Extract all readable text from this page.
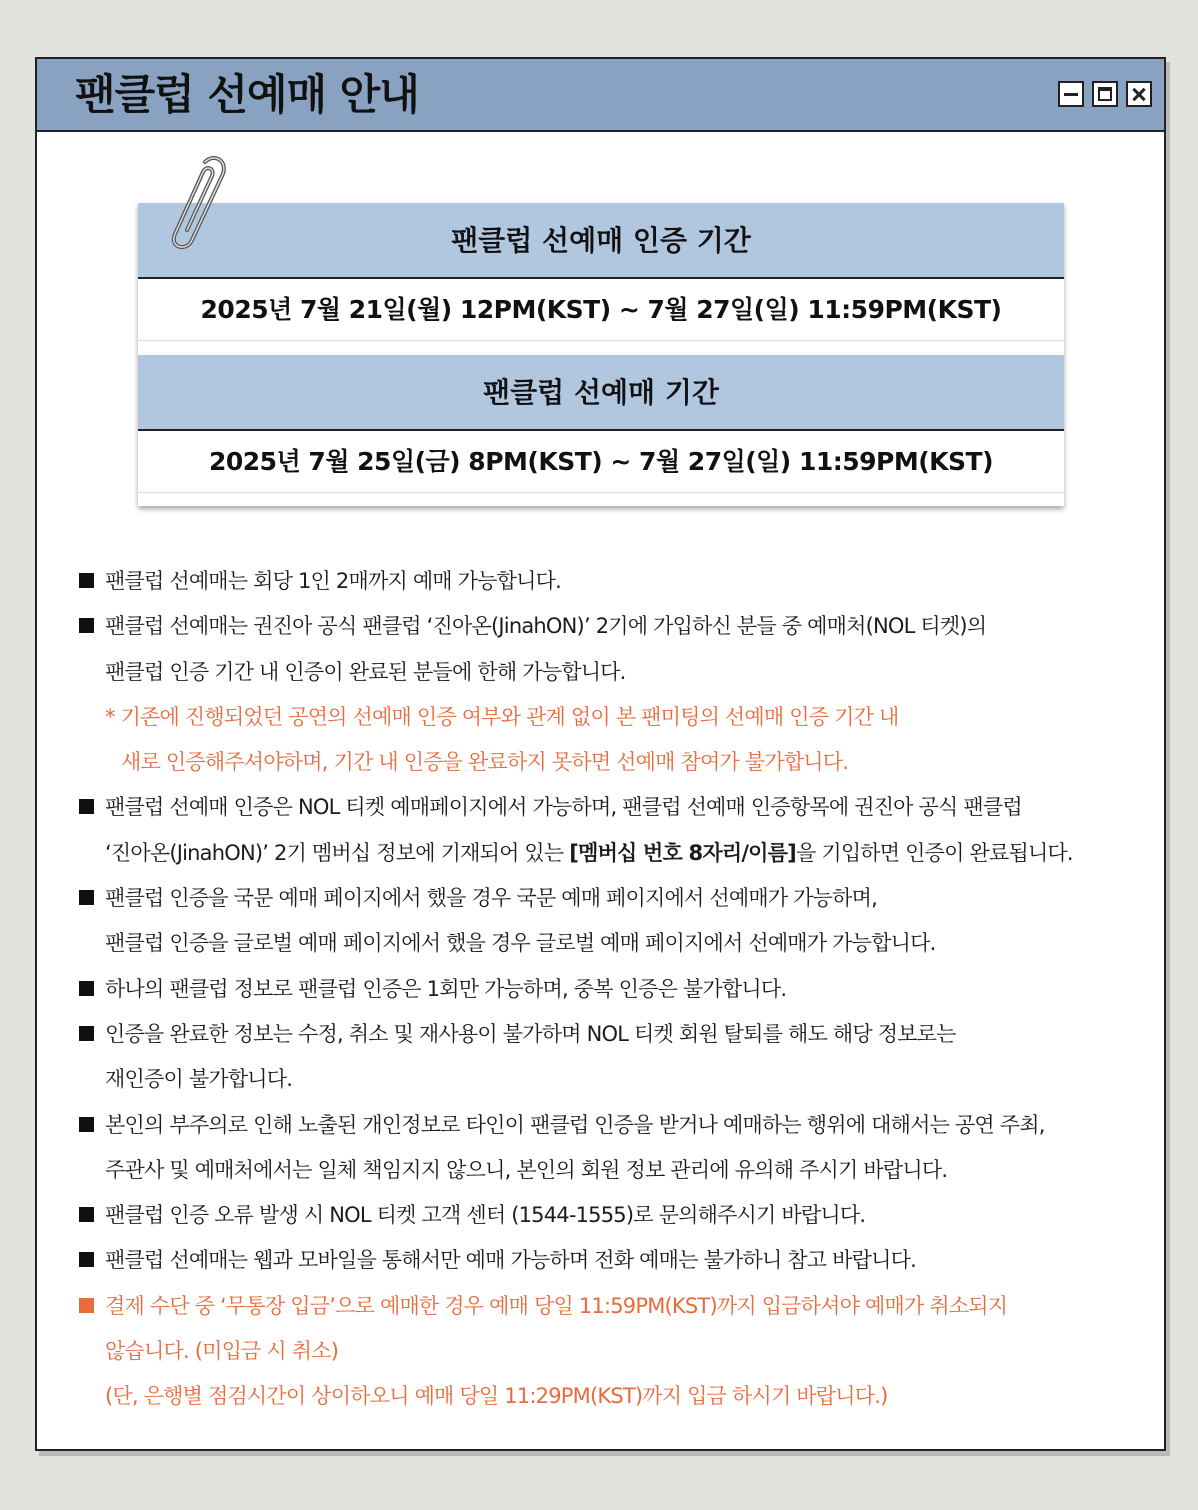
팬클럽 선예매 안내
팬클럽 선예매 인증 기간
2025년 7월 21일(월) 12PM(KST) ~ 7월 27일(일) 11:59PM(KST)
팬클럽 선예매 기간
2025년 7월 25일(금) 8PM(KST) ~ 7월 27일(일) 11:59PM(KST)
팬클럽 선예매는 회당 1인 2매까지 예매 가능합니다.
팬클럽 선예매는 권진아 공식 팬클럽 ‘진아온(JinahON)’ 2기에 가입하신 분들 중 예매처(NOL 티켓)의
팬클럽 인증 기간 내 인증이 완료된 분들에 한해 가능합니다.
* 기존에 진행되었던 공연의 선예매 인증 여부와 관계 없이 본 팬미팅의 선예매 인증 기간 내
새로 인증해주셔야하며, 기간 내 인증을 완료하지 못하면 선예매 참여가 불가합니다.
팬클럽 선예매 인증은 NOL 티켓 예매페이지에서 가능하며, 팬클럽 선예매 인증항목에 권진아 공식 팬클럽
‘진아온(JinahON)’ 2기 멤버십 정보에 기재되어 있는 [멤버십 번호 8자리/이름]을 기입하면 인증이 완료됩니다.
팬클럽 인증을 국문 예매 페이지에서 했을 경우 국문 예매 페이지에서 선예매가 가능하며,
팬클럽 인증을 글로벌 예매 페이지에서 했을 경우 글로벌 예매 페이지에서 선예매가 가능합니다.
하나의 팬클럽 정보로 팬클럽 인증은 1회만 가능하며, 중복 인증은 불가합니다.
인증을 완료한 정보는 수정, 취소 및 재사용이 불가하며 NOL 티켓 회원 탈퇴를 해도 해당 정보로는
재인증이 불가합니다.
본인의 부주의로 인해 노출된 개인정보로 타인이 팬클럽 인증을 받거나 예매하는 행위에 대해서는 공연 주최,
주관사 및 예매처에서는 일체 책임지지 않으니, 본인의 회원 정보 관리에 유의해 주시기 바랍니다.
팬클럽 인증 오류 발생 시 NOL 티켓 고객 센터 (1544-1555)로 문의해주시기 바랍니다.
팬클럽 선예매는 웹과 모바일을 통해서만 예매 가능하며 전화 예매는 불가하니 참고 바랍니다.
결제 수단 중 ‘무통장 입금’으로 예매한 경우 예매 당일 11:59PM(KST)까지 입금하셔야 예매가 취소되지
않습니다. (미입금 시 취소)
(단, 은행별 점검시간이 상이하오니 예매 당일 11:29PM(KST)까지 입금 하시기 바랍니다.)
